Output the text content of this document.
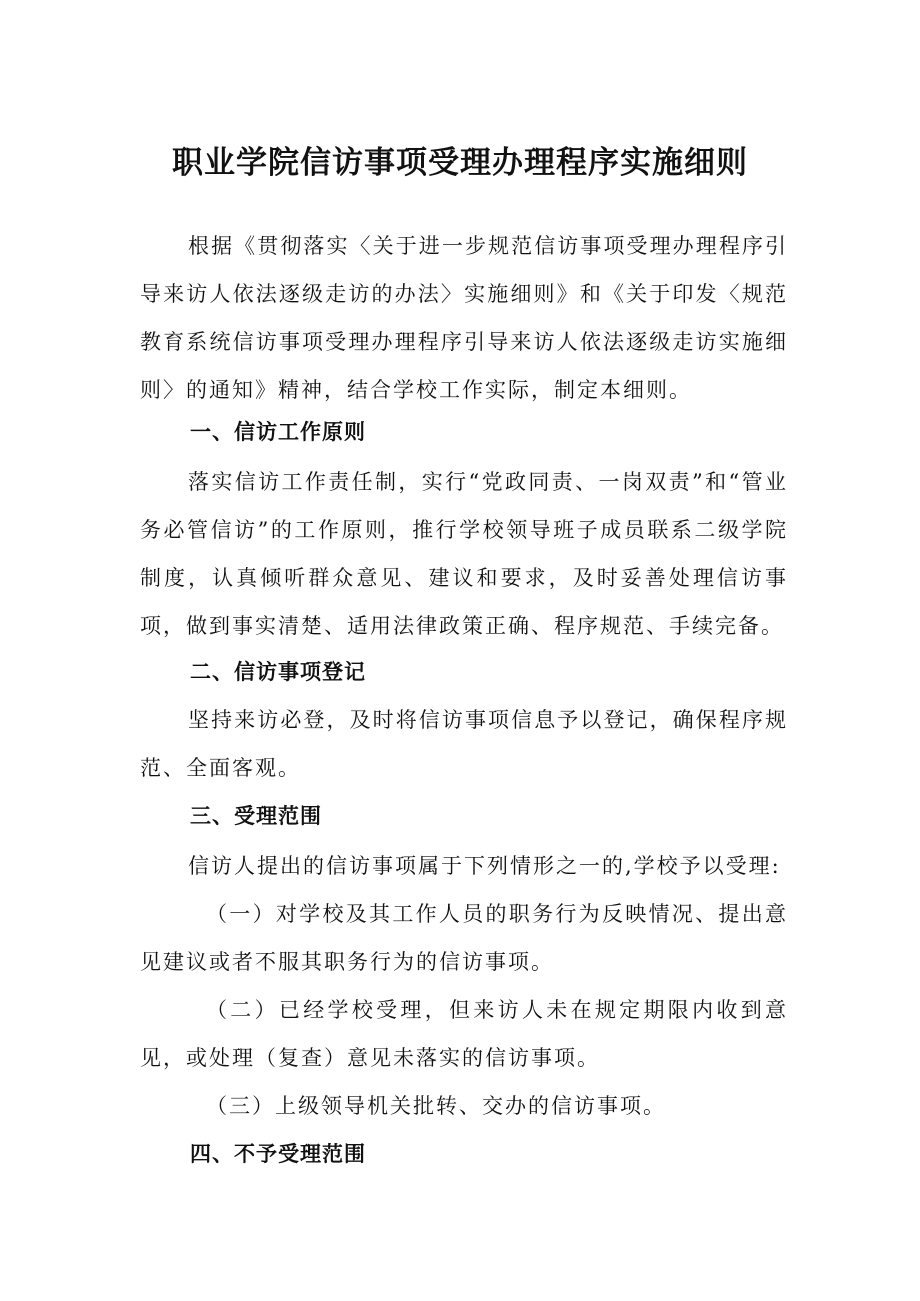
职业学院信访事项受理办理程序实施细则

根据《贯彻落实〈关于进一步规范信访事项受理办理程序引导来访人依法逐级走访的办法〉实施细则》和《关于印发〈规范教育系统信访事项受理办理程序引导来访人依法逐级走访实施细则〉的通知》精神，结合学校工作实际，制定本细则。

一、信访工作原则

落实信访工作责任制，实行“党政同责、一岗双责”和“管业务必管信访”的工作原则，推行学校领导班子成员联系二级学院制度，认真倾听群众意见、建议和要求，及时妥善处理信访事项，做到事实清楚、适用法律政策正确、程序规范、手续完备。

二、信访事项登记

坚持来访必登，及时将信访事项信息予以登记，确保程序规范、全面客观。

三、受理范围

信访人提出的信访事项属于下列情形之一的,学校予以受理:

（一）对学校及其工作人员的职务行为反映情况、提出意见建议或者不服其职务行为的信访事项。

（二）已经学校受理，但来访人未在规定期限内收到意见，或处理（复查）意见未落实的信访事项。

（三）上级领导机关批转、交办的信访事项。

四、不予受理范围
